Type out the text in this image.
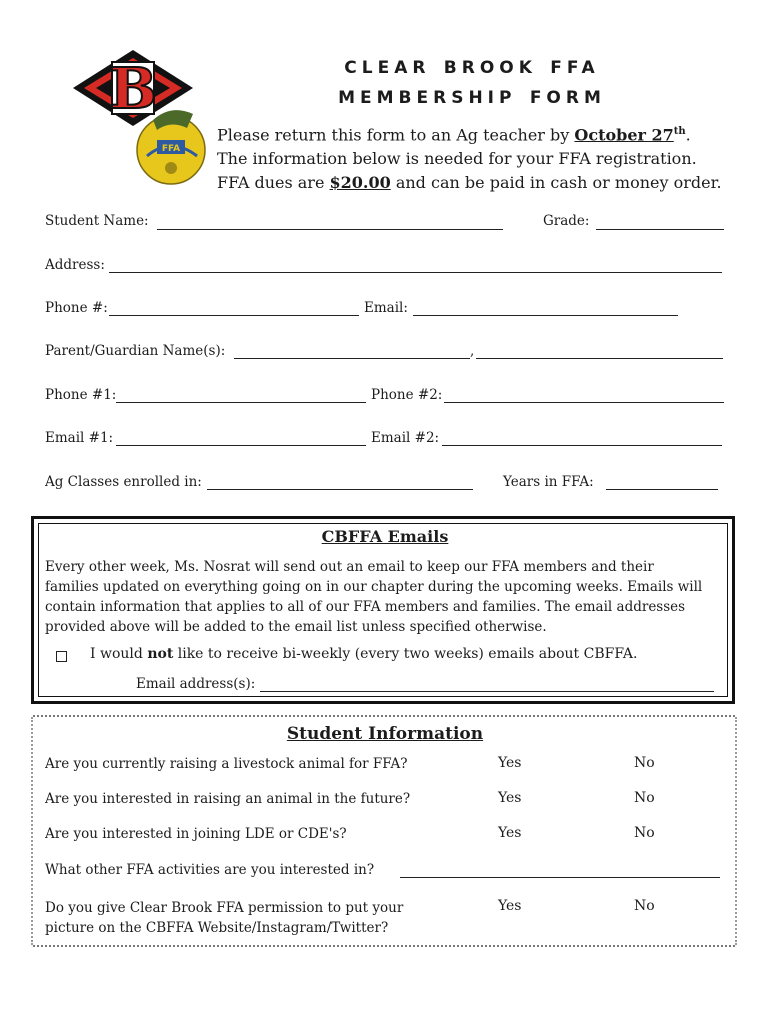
B
FFA
clear brook ffa
membership form
Please return this form to an Ag teacher by October 27th.
The information below is needed for your FFA registration.
FFA dues are $20.00 and can be paid in cash or money order.
Student Name:	Grade:
Address:
Phone #:	Email:
Parent/Guardian Name(s):	,
Phone #1:	Phone #2:
Email #1:	Email #2:
Ag Classes enrolled in:	Years in FFA:
CBFFA Emails
Every other week, Ms. Nosrat will send out an email to keep our FFA members and their
families updated on everything going on in our chapter during the upcoming weeks. Emails will
contain information that applies to all of our FFA members and families. The email addresses
provided above will be added to the email list unless specified otherwise.
I would not like to receive bi-weekly (every two weeks) emails about CBFFA.
Email address(s):
Student Information
Are you currently raising a livestock animal for FFA?	Yes	No
Are you interested in raising an animal in the future?	Yes	No
Are you interested in joining LDE or CDE's?	Yes	No
What other FFA activities are you interested in?
Do you give Clear Brook FFA permission to put your
picture on the CBFFA Website/Instagram/Twitter?
Yes	No
